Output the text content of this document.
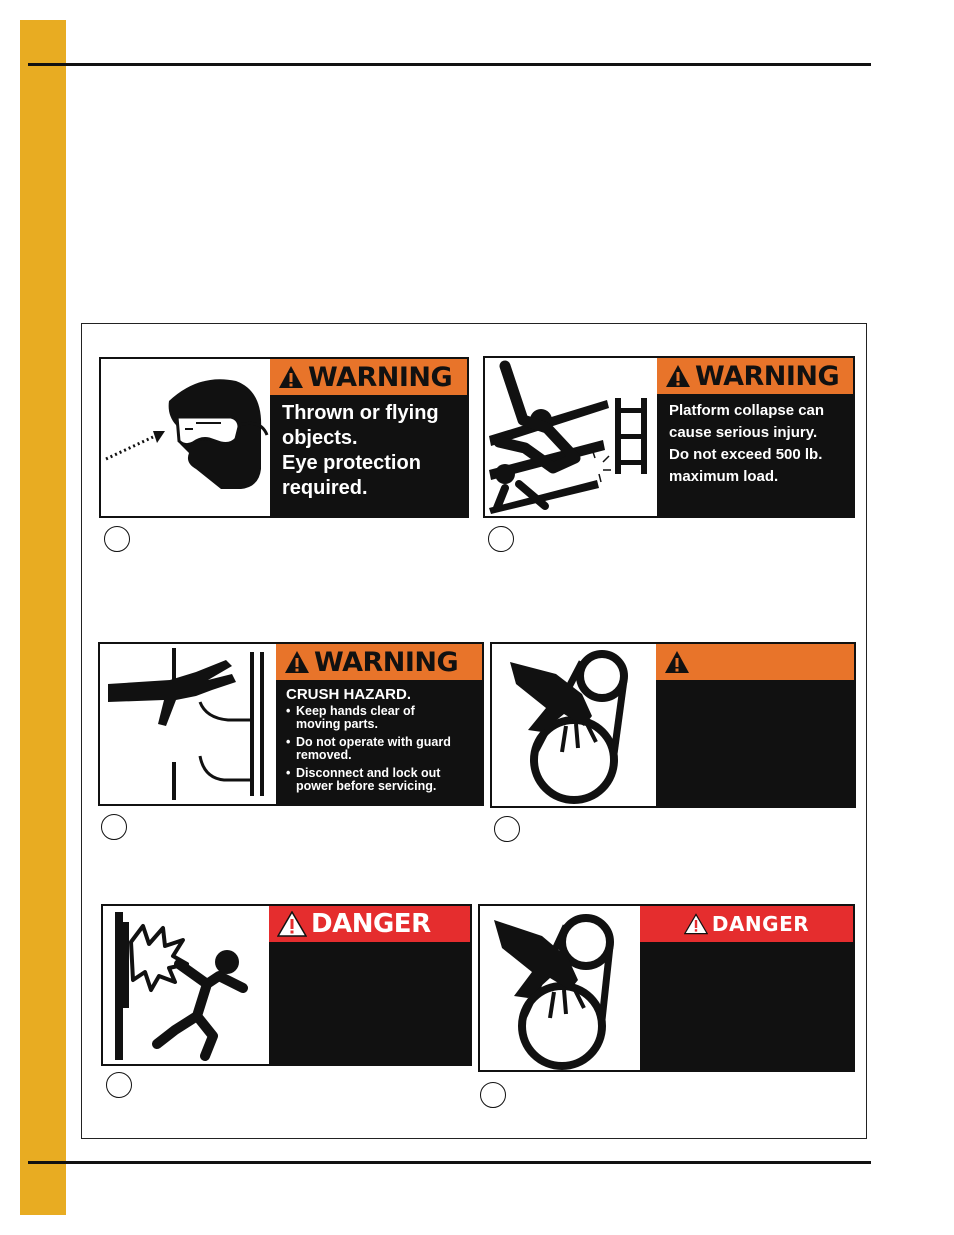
WARNING
Thrown or flying
objects.
Eye protection
required.
WARNING
Platform collapse can
cause serious injury.
Do not exceed 500 lb.
maximum load.
WARNING
CRUSH HAZARD.
• Keep hands clear of
moving parts.
• Do not operate with guard
removed.
• Disconnect and lock out
power before servicing.
DANGER	DANGER
